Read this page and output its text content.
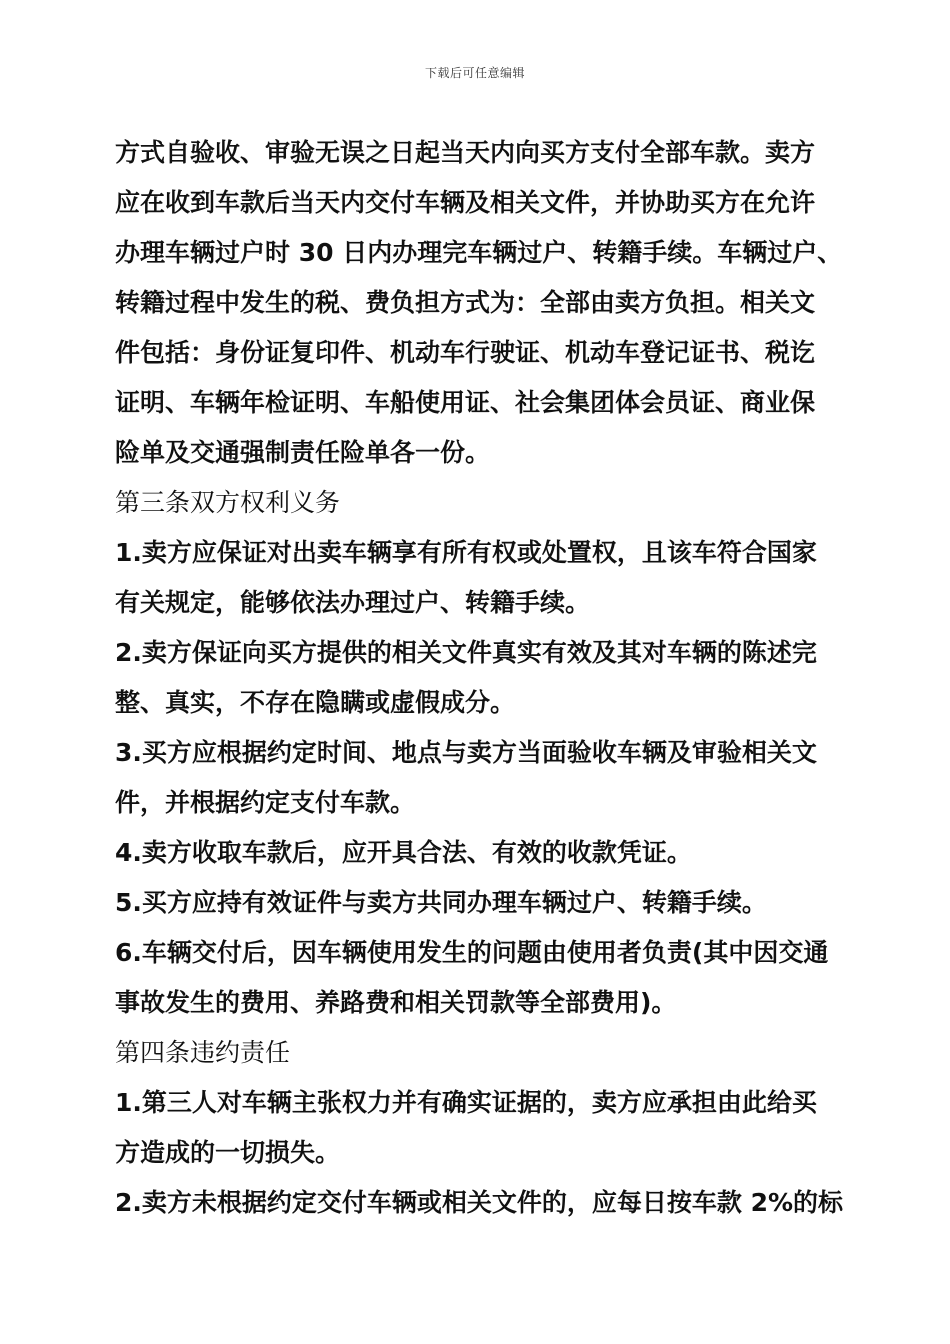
下载后可任意编辑
方式自验收、审验无误之日起当天内向买方支付全部车款。卖方
应在收到车款后当天内交付车辆及相关文件，并协助买方在允许
办理车辆过户时 30 日内办理完车辆过户、转籍手续。车辆过户、
转籍过程中发生的税、费负担方式为：全部由卖方负担。相关文
件包括：身份证复印件、机动车行驶证、机动车登记证书、税讫
证明、车辆年检证明、车船使用证、社会集团体会员证、商业保
险单及交通强制责任险单各一份。
第三条双方权利义务
1.卖方应保证对出卖车辆享有所有权或处置权，且该车符合国家
有关规定，能够依法办理过户、转籍手续。
2.卖方保证向买方提供的相关文件真实有效及其对车辆的陈述完
整、真实，不存在隐瞒或虚假成分。
3.买方应根据约定时间、地点与卖方当面验收车辆及审验相关文
件，并根据约定支付车款。
4.卖方收取车款后，应开具合法、有效的收款凭证。
5.买方应持有效证件与卖方共同办理车辆过户、转籍手续。
6.车辆交付后，因车辆使用发生的问题由使用者负责(其中因交通
事故发生的费用、养路费和相关罚款等全部费用)。
第四条违约责任
1.第三人对车辆主张权力并有确实证据的，卖方应承担由此给买
方造成的一切损失。
2.卖方未根据约定交付车辆或相关文件的，应每日按车款 2%的标
